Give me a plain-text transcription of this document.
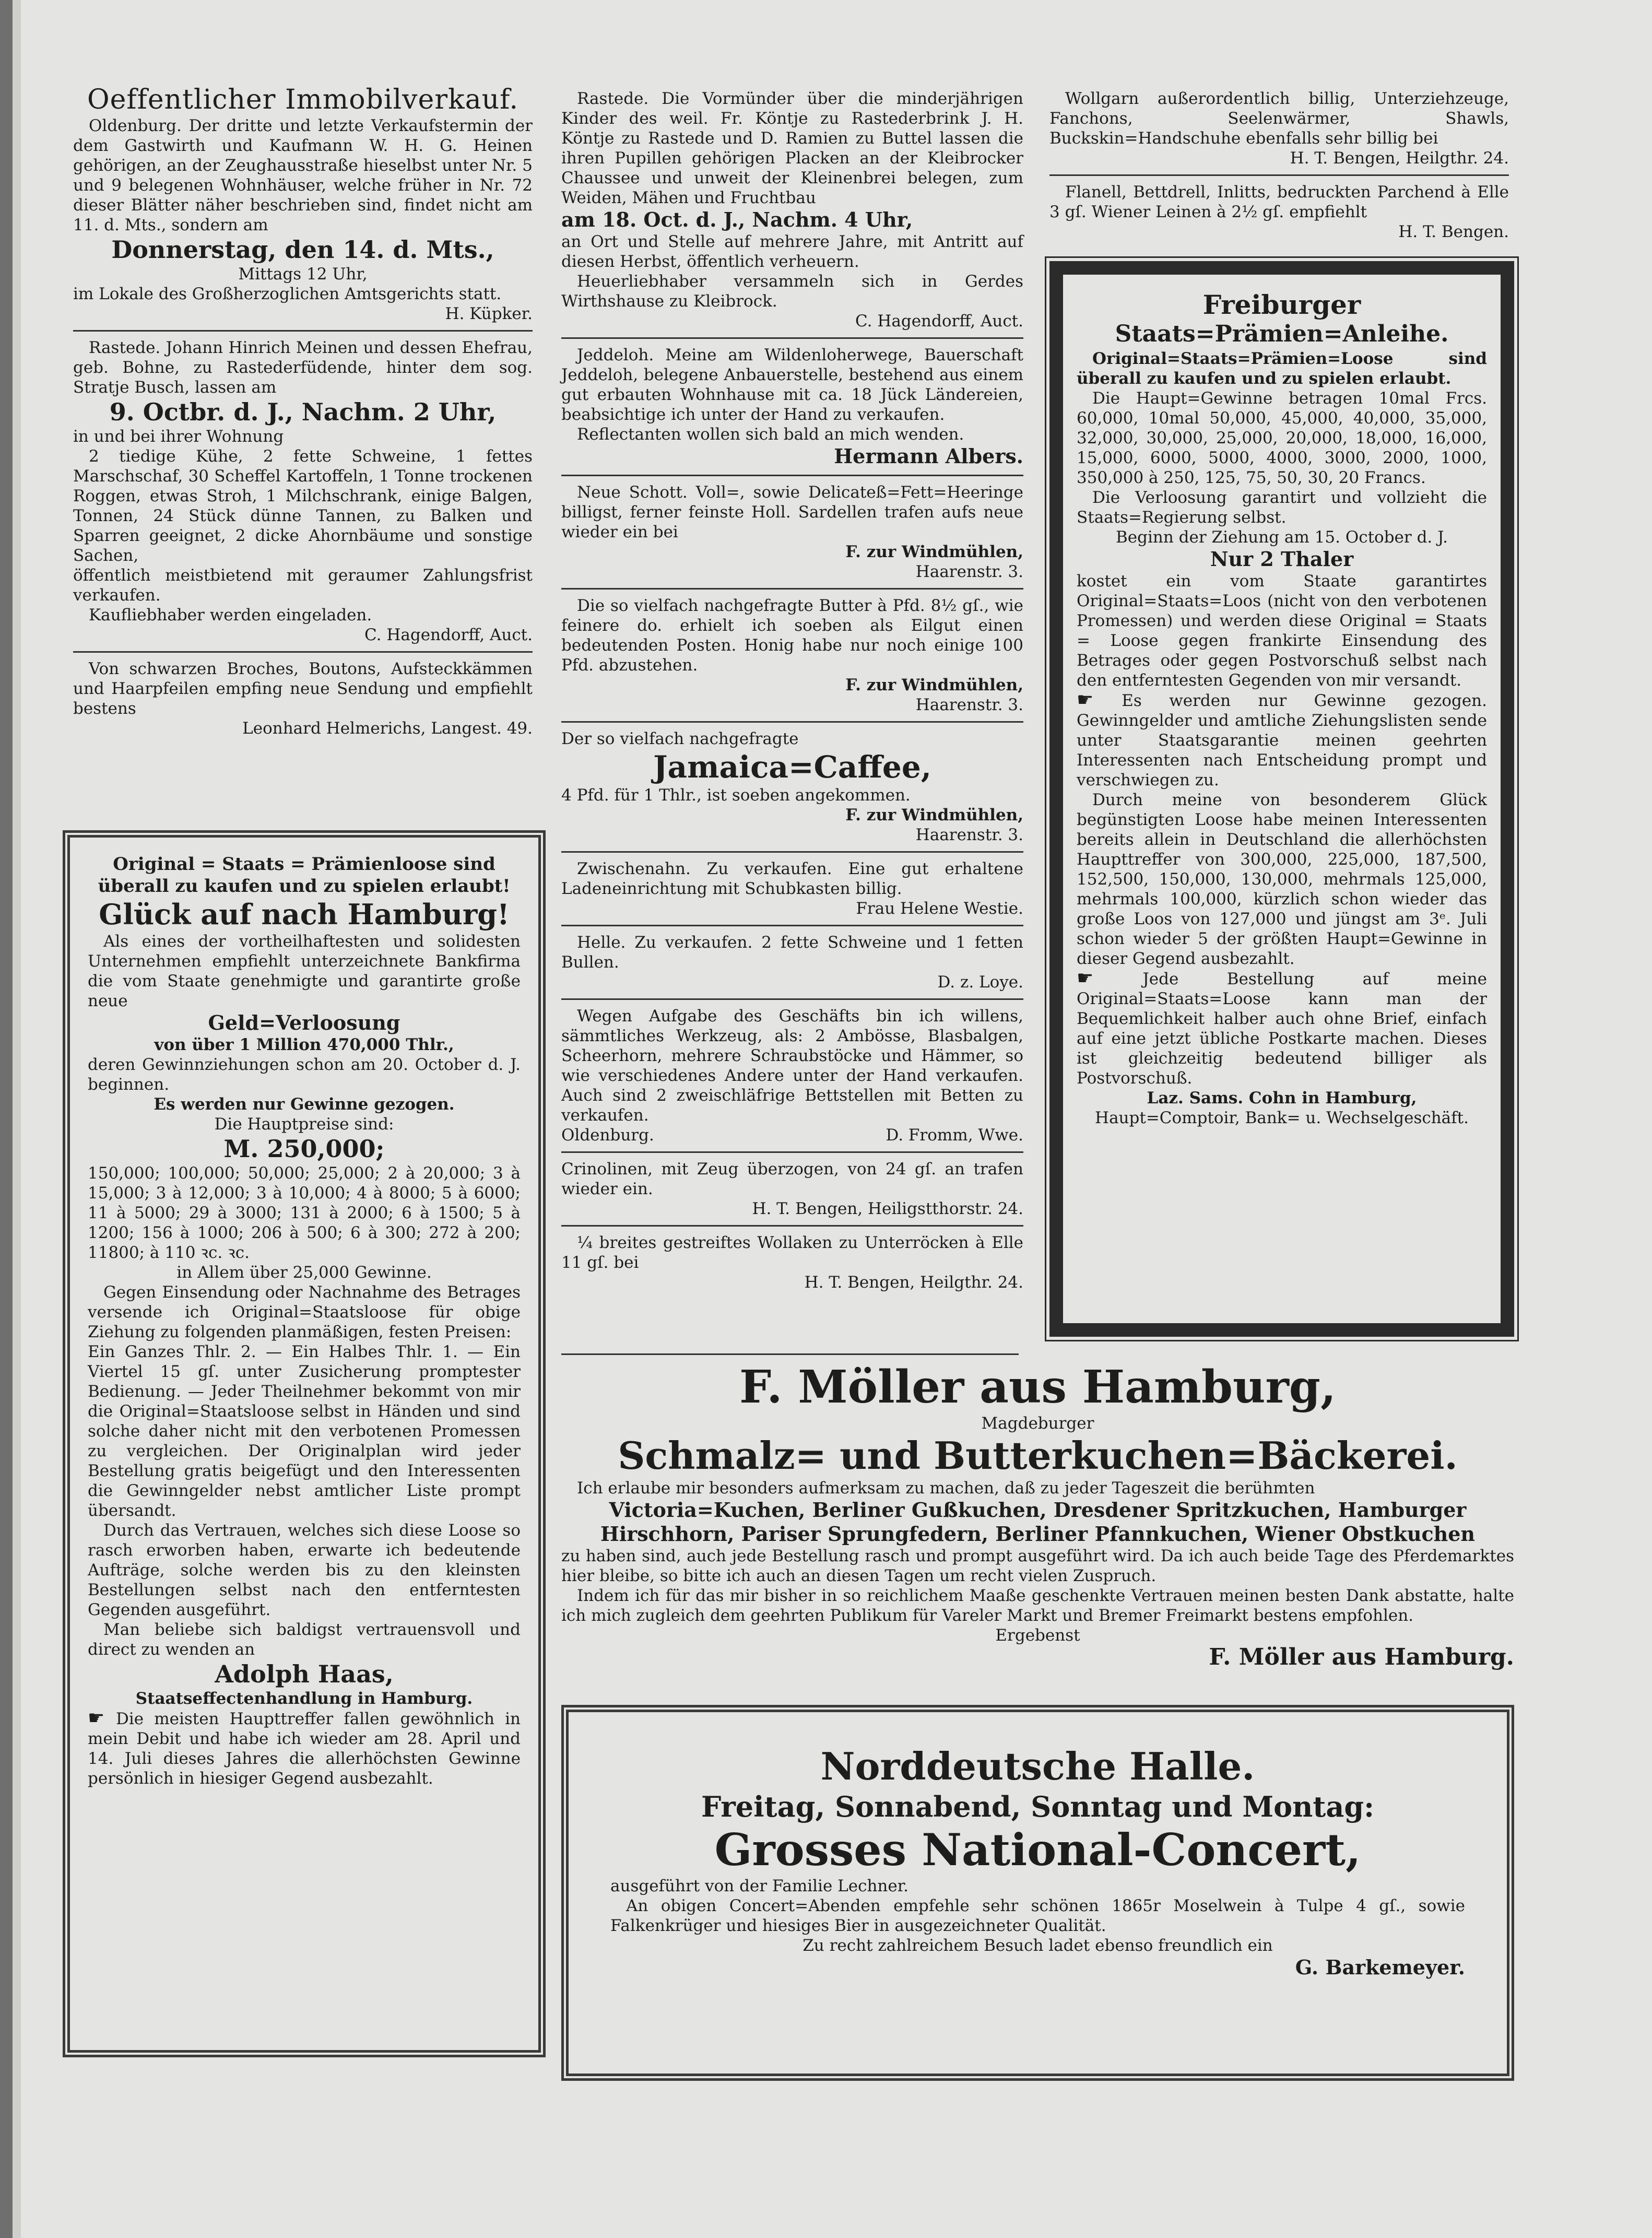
Oeffentlicher Immobilverkauf.

Oldenburg. Der dritte und letzte Verkaufstermin der dem Gastwirth und Kaufmann W. H. G. Heinen gehörigen, an der Zeughausstraße hieselbst unter Nr. 5 und 9 belegenen Wohnhäuser, welche früher in Nr. 72 dieser Blätter näher beschrieben sind, findet nicht am 11. d. Mts., sondern am

Donnerstag, den 14. d. Mts.,

Mittags 12 Uhr,

im Lokale des Großherzoglichen Amtsgerichts statt.

H. Küpker.

Rastede. Johann Hinrich Meinen und dessen Ehefrau, geb. Bohne, zu Rastederfüdende, hinter dem sog. Stratje Busch, lassen am

9. Octbr. d. J., Nachm. 2 Uhr,

in und bei ihrer Wohnung

2 tiedige Kühe, 2 fette Schweine, 1 fettes Marschschaf, 30 Scheffel Kartoffeln, 1 Tonne trockenen Roggen, etwas Stroh, 1 Milchschrank, einige Balgen, Tonnen, 24 Stück dünne Tannen, zu Balken und Sparren geeignet, 2 dicke Ahornbäume und sonstige Sachen,

öffentlich meistbietend mit geraumer Zahlungsfrist verkaufen.

Kaufliebhaber werden eingeladen.

C. Hagendorff, Auct.

Von schwarzen Broches, Boutons, Aufsteckkämmen und Haarpfeilen empfing neue Sendung und empfiehlt bestens

Leonhard Helmerichs, Langest. 49.

Original = Staats = Prämienloose sind überall zu kaufen und zu spielen erlaubt!

Glück auf nach Hamburg!

Als eines der vortheilhaftesten und solidesten Unternehmen empfiehlt unterzeichnete Bankfirma die vom Staate genehmigte und garantirte große neue

Geld=Verloosung

von über 1 Million 470,000 Thlr.,

deren Gewinnziehungen schon am 20. October d. J. beginnen.

Es werden nur Gewinne gezogen.

Die Hauptpreise sind:

M. 250,000;

150,000; 100,000; 50,000; 25,000; 2 à 20,000; 3 à 15,000; 3 à 12,000; 3 à 10,000; 4 à 8000; 5 à 6000; 11 à 5000; 29 à 3000; 131 à 2000; 6 à 1500; 5 à 1200; 156 à 1000; 206 à 500; 6 à 300; 272 à 200; 11800; à 110 ꝛc. ꝛc.

in Allem über 25,000 Gewinne.

Gegen Einsendung oder Nachnahme des Betrages versende ich Original=Staatsloose für obige Ziehung zu folgenden planmäßigen, festen Preisen:

Ein Ganzes Thlr. 2. — Ein Halbes Thlr. 1. — Ein Viertel 15 gſ. unter Zusicherung promptester Bedienung. — Jeder Theilnehmer bekommt von mir die Original=Staatsloose selbst in Händen und sind solche daher nicht mit den verbotenen Promessen zu vergleichen. Der Originalplan wird jeder Bestellung gratis beigefügt und den Interessenten die Gewinngelder nebst amtlicher Liste prompt übersandt.

Durch das Vertrauen, welches sich diese Loose so rasch erworben haben, erwarte ich bedeutende Aufträge, solche werden bis zu den kleinsten Bestellungen selbst nach den entferntesten Gegenden ausgeführt.

Man beliebe sich baldigst vertrauensvoll und direct zu wenden an

Adolph Haas,

Staatseffectenhandlung in Hamburg.

☛ Die meisten Haupttreffer fallen gewöhnlich in mein Debit und habe ich wieder am 28. April und 14. Juli dieses Jahres die allerhöchsten Gewinne persönlich in hiesiger Gegend ausbezahlt.

Rastede. Die Vormünder über die minderjährigen Kinder des weil. Fr. Köntje zu Rastederbrink J. H. Köntje zu Rastede und D. Ramien zu Buttel lassen die ihren Pupillen gehörigen Placken an der Kleibrocker Chaussee und unweit der Kleinenbrei belegen, zum Weiden, Mähen und Fruchtbau

am 18. Oct. d. J., Nachm. 4 Uhr,

an Ort und Stelle auf mehrere Jahre, mit Antritt auf diesen Herbst, öffentlich verheuern.

Heuerliebhaber versammeln sich in Gerdes Wirthshause zu Kleibrock.

C. Hagendorff, Auct.

Jeddeloh. Meine am Wildenloherwege, Bauerschaft Jeddeloh, belegene Anbauerstelle, bestehend aus einem gut erbauten Wohnhause mit ca. 18 Jück Ländereien, beabsichtige ich unter der Hand zu verkaufen.

Reflectanten wollen sich bald an mich wenden.

Hermann Albers.

Neue Schott. Voll=, sowie Delicateß=Fett=Heeringe billigst, ferner feinste Holl. Sardellen trafen aufs neue wieder ein bei

F. zur Windmühlen,

Haarenstr. 3.

Die so vielfach nachgefragte Butter à Pfd. 8½ gſ., wie feinere do. erhielt ich soeben als Eilgut einen bedeutenden Posten. Honig habe nur noch einige 100 Pfd. abzustehen.

F. zur Windmühlen,

Haarenstr. 3.

Der so vielfach nachgefragte

Jamaica=Caffee,

4 Pfd. für 1 Thlr., ist soeben angekommen.

F. zur Windmühlen,

Haarenstr. 3.

Zwischenahn. Zu verkaufen. Eine gut erhaltene Ladeneinrichtung mit Schubkasten billig.

Frau Helene Westie.

Helle. Zu verkaufen. 2 fette Schweine und 1 fetten Bullen.

D. z. Loye.

Wegen Aufgabe des Geschäfts bin ich willens, sämmtliches Werkzeug, als: 2 Ambösse, Blasbalgen, Scheerhorn, mehrere Schraubstöcke und Hämmer, so wie verschiedenes Andere unter der Hand verkaufen. Auch sind 2 zweischläfrige Bettstellen mit Betten zu verkaufen.

Oldenburg.	D. Fromm, Wwe.

Crinolinen, mit Zeug überzogen, von 24 gſ. an trafen wieder ein.

H. T. Bengen, Heiligstthorstr. 24.

¼ breites gestreiftes Wollaken zu Unterröcken à Elle 11 gſ. bei

H. T. Bengen, Heilgthr. 24.

Wollgarn außerordentlich billig, Unterziehzeuge, Fanchons, Seelenwärmer, Shawls, Buckskin=Handschuhe ebenfalls sehr billig bei

H. T. Bengen, Heilgthr. 24.

Flanell, Bettdrell, Inlitts, bedruckten Parchend à Elle 3 gſ. Wiener Leinen à 2½ gſ. empfiehlt

H. T. Bengen.

Freiburger

Staats=Prämien=Anleihe.

Original=Staats=Prämien=Loose sind überall zu kaufen und zu spielen erlaubt.

Die Haupt=Gewinne betragen 10mal Frcs. 60,000, 10mal 50,000, 45,000, 40,000, 35,000, 32,000, 30,000, 25,000, 20,000, 18,000, 16,000, 15,000, 6000, 5000, 4000, 3000, 2000, 1000, 350,000 à 250, 125, 75, 50, 30, 20 Francs.

Die Verloosung garantirt und vollzieht die Staats=Regierung selbst.

Beginn der Ziehung am 15. October d. J.

Nur 2 Thaler

kostet ein vom Staate garantirtes Original=Staats=Loos (nicht von den verbotenen Promessen) und werden diese Original = Staats = Loose gegen frankirte Einsendung des Betrages oder gegen Postvorschuß selbst nach den entferntesten Gegenden von mir versandt.

☛ Es werden nur Gewinne gezogen. Gewinngelder und amtliche Ziehungslisten sende unter Staatsgarantie meinen geehrten Interessenten nach Entscheidung prompt und verschwiegen zu.

Durch meine von besonderem Glück begünstigten Loose habe meinen Interessenten bereits allein in Deutschland die allerhöchsten Haupttreffer von 300,000, 225,000, 187,500, 152,500, 150,000, 130,000, mehrmals 125,000, mehrmals 100,000, kürzlich schon wieder das große Loos von 127,000 und jüngst am 3ᵉ. Juli schon wieder 5 der größten Haupt=Gewinne in dieser Gegend ausbezahlt.

☛ Jede Bestellung auf meine Original=Staats=Loose kann man der Bequemlichkeit halber auch ohne Brief, einfach auf eine jetzt übliche Postkarte machen. Dieses ist gleichzeitig bedeutend billiger als Postvorschuß.

Laz. Sams. Cohn in Hamburg,

Haupt=Comptoir, Bank= u. Wechselgeschäft.

F. Möller aus Hamburg,

Magdeburger

Schmalz= und Butterkuchen=Bäckerei.

Ich erlaube mir besonders aufmerksam zu machen, daß zu jeder Tageszeit die berühmten

Victoria=Kuchen, Berliner Gußkuchen, Dresdener Spritzkuchen, Hamburger Hirschhorn, Pariser Sprungfedern, Berliner Pfannkuchen, Wiener Obstkuchen

zu haben sind, auch jede Bestellung rasch und prompt ausgeführt wird. Da ich auch beide Tage des Pferdemarktes hier bleibe, so bitte ich auch an diesen Tagen um recht vielen Zuspruch.

Indem ich für das mir bisher in so reichlichem Maaße geschenkte Vertrauen meinen besten Dank abstatte, halte ich mich zugleich dem geehrten Publikum für Vareler Markt und Bremer Freimarkt bestens empfohlen.

Ergebenst

F. Möller aus Hamburg.

Norddeutsche Halle.

Freitag, Sonnabend, Sonntag und Montag:

Grosses National-Concert,

ausgeführt von der Familie Lechner.

An obigen Concert=Abenden empfehle sehr schönen 1865r Moselwein à Tulpe 4 gſ., sowie Falkenkrüger und hiesiges Bier in ausgezeichneter Qualität.

Zu recht zahlreichem Besuch ladet ebenso freundlich ein

G. Barkemeyer.
